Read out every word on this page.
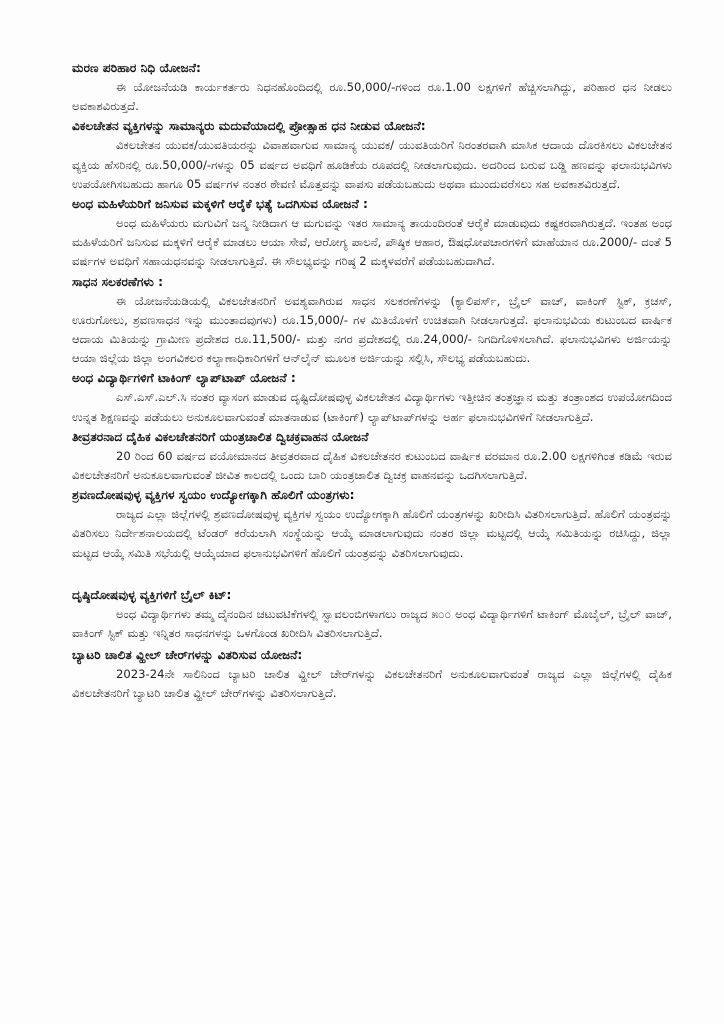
ಮರಣ ಪರಿಹಾರ ನಿಧಿ ಯೋಜನೆ:

ಈ ಯೋಜನೆಯಡಿ ಕಾರ್ಯಕರ್ತರು ನಿಧನಹೊಂದಿದಲ್ಲಿ ರೂ.50,000/-ಗಳಿಂದ ರೂ.1.00 ಲಕ್ಷಗಳಿಗೆ ಹೆಚ್ಚಿಸಲಾಗಿದ್ದು, ಪರಿಹಾರ ಧನ ನೀಡಲು ಅವಕಾಶವಿರುತ್ತದೆ.

ವಿಕಲಚೇತನ ವ್ಯಕ್ತಿಗಳನ್ನು ಸಾಮಾನ್ಯರು ಮದುವೆಯಾದಲ್ಲಿ ಪ್ರೋತ್ಸಾಹ ಧನ ನೀಡುವ ಯೋಜನೆ:

ವಿಕಲಚೇತನ ಯುವಕ/ಯುವತಿಯರನ್ನು ವಿವಾಹವಾಗುವ ಸಾಮಾನ್ಯ ಯುವಕ/ ಯುವತಿಯರಿಗೆ ನಿರಂತರವಾಗಿ ಮಾಸಿಕ ಆದಾಯ ದೊರಕಿಸಲು ವಿಕಲಚೇತನ ವ್ಯಕ್ತಿಯ ಹೆಸರಿನಲ್ಲಿ ರೂ.50,000/-ಗಳನ್ನು 05 ವರ್ಷದ ಅವಧಿಗೆ ಹೂಡಿಕೆಯ ರೂಪದಲ್ಲಿ ನೀಡಲಾಗುವುದು. ಅದರಿಂದ ಬರುವ ಬಡ್ಡಿ ಹಣವನ್ನು ಫಲಾನುಭವಿಗಳು ಉಪಯೋಗಿಸಬಹುದು ಹಾಗೂ 05 ವರ್ಷಗಳ ನಂತರ ಠೇವಣಿ ಮೊತ್ತವನ್ನು ವಾಪಸು ಪಡೆಯಬಹುದು ಅಥವಾ ಮುಂದುವರೆಸಲು ಸಹ ಅವಕಾಶವಿರುತ್ತದೆ.

ಅಂಧ ಮಹಿಳೆಯರಿಗೆ ಜನಿಸುವ ಮಕ್ಕಳಿಗೆ ಆರೈಕೆ ಭತ್ಯೆ ಒದಗಿಸುವ ಯೋಜನೆ :

ಅಂಧ ಮಹಿಳೆಯರು ಮಗುವಿಗೆ ಜನ್ಮ ನೀಡಿದಾಗ ಆ ಮಗುವನ್ನು ಇತರ ಸಾಮಾನ್ಯ ತಾಯಂದಿರಂತೆ ಆರೈಕೆ ಮಾಡುವುದು ಕಷ್ಟಕರವಾಗಿರುತ್ತದೆ. ಇಂತಹ ಅಂಧ ಮಹಿಳೆಯರಿಗೆ ಜನಿಸುವ ಮಕ್ಕಳಿಗೆ ಆರೈಕೆ ಮಾಡಲು ಆಯಾ ಸೇವೆ, ಆರೋಗ್ಯ ಪಾಲನೆ, ಪೌಷ್ಠಿಕ ಆಹಾರ, ಔಷಧೋಪಚಾರಗಳಿಗೆ ಮಾಹೆಯಾನ ರೂ.2000/- ದಂತೆ 5 ವರ್ಷಗಳ ಅವಧಿಗೆ ಸಹಾಯಧನವನ್ನು ನೀಡಲಾಗುತ್ತಿದೆ. ಈ ಸೌಲಭ್ಯವನ್ನು ಗರಿಷ್ಠ 2 ಮಕ್ಕಳವರೆಗೆ ಪಡೆಯಬಹುದಾಗಿದೆ.

ಸಾಧನ ಸಲಕರಣೆಗಳು :

ಈ ಯೋಜನೆಯಡಿಯಲ್ಲಿ ವಿಕಲಚೇತನರಿಗೆ ಅವಶ್ಯವಾಗಿರುವ ಸಾಧನ ಸಲಕರಣೆಗಳನ್ನು (ಕ್ಯಾಲಿಪರ್ಸ್, ಬ್ರೈಲ್ ವಾಚ್, ವಾಕಿಂಗ್ ಸ್ಟಿಕ್, ಕ್ರಚಸ್, ಊರುಗೋಲು, ಶ್ರವಣಸಾಧನ ಇನ್ನು ಮುಂತಾದವುಗಳು) ರೂ.15,000/- ಗಳ ಮಿತಿಯೊಳಗೆ ಉಚಿತವಾಗಿ ನೀಡಲಾಗುತ್ತದೆ. ಫಲಾನುಭವಿಯ ಕುಟುಂಬದ ವಾರ್ಷಿಕ ಆದಾಯ ಮಿತಿಯನ್ನು ಗ್ರಾಮೀಣ ಪ್ರದೇಶದ ರೂ.11,500/- ಮತ್ತು ನಗರ ಪ್ರದೇಶದಲ್ಲಿ ರೂ.24,000/- ನಿಗದಿಗೊಳಿಸಲಾಗಿದೆ. ಫಲಾನುಭವಿಗಳು ಅರ್ಜಿಯನ್ನು ಆಯಾ ಜಿಲ್ಲೆಯ ಜಿಲ್ಲಾ ಅಂಗವಿಕಲರ ಕಲ್ಯಾಣಾಧಿಕಾರಿಗಳಿಗೆ ಆನ್‌ಲೈನ್ ಮೂಲಕ ಅರ್ಜಿಯನ್ನು ಸಲ್ಲಿಸಿ, ಸೌಲಭ್ಯ ಪಡೆಯಬಹುದು.

ಅಂಧ ವಿದ್ಯಾರ್ಥಿಗಳಿಗೆ ಟಾಕಿಂಗ್ ಲ್ಯಾಪ್‌ಟಾಪ್ ಯೋಜನೆ :

ಎಸ್.ಎಸ್.ಎಲ್.ಸಿ ನಂತರ ವ್ಯಾಸಂಗ ಮಾಡುವ ದೃಷ್ಟಿದೋಷವುಳ್ಳ ವಿಕಲಚೇತನ ವಿದ್ಯಾರ್ಥಿಗಳು ಇತ್ತೀಚಿನ ತಂತ್ರಜ್ಞಾನ ಮತ್ತು ತಂತ್ರಾಂಶದ ಉಪಯೋಗದಿಂದ ಉನ್ನತ ಶಿಕ್ಷಣವನ್ನು ಪಡೆಯಲು ಅನುಕೂಲವಾಗುವಂತೆ ಮಾತನಾಡುವ (ಟಾಕಿಂಗ್) ಲ್ಯಾಪ್‌ಟಾಪ್‌ಗಳನ್ನು ಅರ್ಹ ಫಲಾನುಭವಿಗಳಿಗೆ ನೀಡಲಾಗುತ್ತಿದೆ.

ತೀವ್ರತರನಾದ ದೈಹಿಕ ವಿಕಲಚೇತನರಿಗೆ ಯಂತ್ರಚಾಲಿತ ದ್ವಿಚಕ್ರವಾಹನ ಯೋಜನೆ

20 ರಿಂದ 60 ವರ್ಷದ ವಯೋಮಾನದ ತೀವ್ರತರವಾದ ದೈಹಿಕ ವಿಕಲಚೇತನರ ಕುಟುಂಬದ ವಾರ್ಷಿಕ ವರಮಾನ ರೂ.2.00 ಲಕ್ಷಗಳಿಗಿಂತ ಕಡಿಮೆ ಇರುವ ವಿಕಲಚೇತನರಿಗೆ ಅನುಕೂಲವಾಗುವಂತೆ ಜೀವಿತ ಕಾಲದಲ್ಲಿ ಒಂದು ಬಾರಿ ಯಂತ್ರಚಾಲಿತ ದ್ವಿಚಕ್ರ ವಾಹನವನ್ನು ಒದಗಿಸಲಾಗುತ್ತಿದೆ.

ಶ್ರವಣದೋಷವುಳ್ಳ ವ್ಯಕ್ತಿಗಳ ಸ್ವಯಂ ಉದ್ಯೋಗಕ್ಕಾಗಿ ಹೊಲಿಗೆ ಯಂತ್ರಗಳು:

ರಾಜ್ಯದ ಎಲ್ಲಾ ಜಿಲ್ಲೆಗಳಲ್ಲಿ ಶ್ರವಣದೋಷವುಳ್ಳ ವ್ಯಕ್ತಿಗಳ ಸ್ವಯಂ ಉದ್ಯೋಗಕ್ಕಾಗಿ ಹೊಲಿಗೆ ಯಂತ್ರಗಳನ್ನು ಖರೀದಿಸಿ ವಿತರಿಸಲಾಗುತ್ತಿದೆ. ಹೊಲಿಗೆ ಯಂತ್ರವನ್ನು ವಿತರಿಸಲು ನಿರ್ದೇಶನಾಲಯದಲ್ಲಿ ಟೆಂಡರ್ ಕರೆಯಲಾಗಿ ಸಂಸ್ಥೆಯನ್ನು ಆಯ್ಕೆ ಮಾಡಲಾಗುವುದು ನಂತರ ಜಿಲ್ಲಾ ಮಟ್ಟದಲ್ಲಿ ಆಯ್ಕೆ ಸಮಿತಿಯನ್ನು ರಚಿಸಿದ್ದು, ಜಿಲ್ಲಾ ಮಟ್ಟದ ಆಯ್ಕೆ ಸಮಿತಿ ಸಭೆಯಲ್ಲಿ ಆಯ್ಕೆಯಾದ ಫಲಾನುಭವಿಗಳಿಗೆ ಹೊಲಿಗೆ ಯಂತ್ರವನ್ನು ವಿತರಿಸಲಾಗುವುದು.

ದೃಷ್ಠಿದೋಷವುಳ್ಳ ವ್ಯಕ್ತಿಗಳಿಗೆ ಬ್ರೈಲ್ ಕಿಟ್:

ಅಂಧ ವಿದ್ಯಾರ್ಥಿಗಳು ತಮ್ಮ ದೈನಂದಿನ ಚಟುವಟಿಕೆಗಳಲ್ಲಿ ಸ್ವಾವಲಂಬಿಗಳಾಗಲು ರಾಜ್ಯದ ೫೦೦ ಅಂಧ ವಿದ್ಯಾರ್ಥಿಗಳಿಗೆ ಟಾಕಿಂಗ್ ಮೊಬೈಲ್, ಬ್ರೈಲ್ ವಾಚ್, ವಾಕಿಂಗ್ ಸ್ಟಿಕ್ ಮತ್ತು ಇನ್ನಿತರ ಸಾಧನಗಳನ್ನು ಒಳಗೊಂಡ ಖರೀದಿಸಿ ವಿತರಿಸಲಾಗುತ್ತಿದೆ.

ಬ್ಯಾಟರಿ ಚಾಲಿತ ವ್ಹೀಲ್ ಚೇರ್‌ಗಳನ್ನು ವಿತರಿಸುವ ಯೋಜನೆ:

2023-24ನೇ ಸಾಲಿನಿಂದ ಬ್ಯಾಟರಿ ಚಾಲಿತ ವ್ಹೀಲ್ ಚೇರ್‌ಗಳನ್ನು ವಿಕಲಚೇತನರಿಗೆ ಅನುಕೂಲವಾಗುವಂತೆ ರಾಜ್ಯದ ಎಲ್ಲಾ ಜಿಲ್ಲೆಗಳಲ್ಲಿ ದೈಹಿಕ ವಿಕಲಚೇತನರಿಗೆ ಬ್ಯಾಟರಿ ಚಾಲಿತ ವ್ಹೀಲ್ ಚೇರ್‌ಗಳನ್ನು ವಿತರಿಸಲಾಗುತ್ತಿದೆ.
